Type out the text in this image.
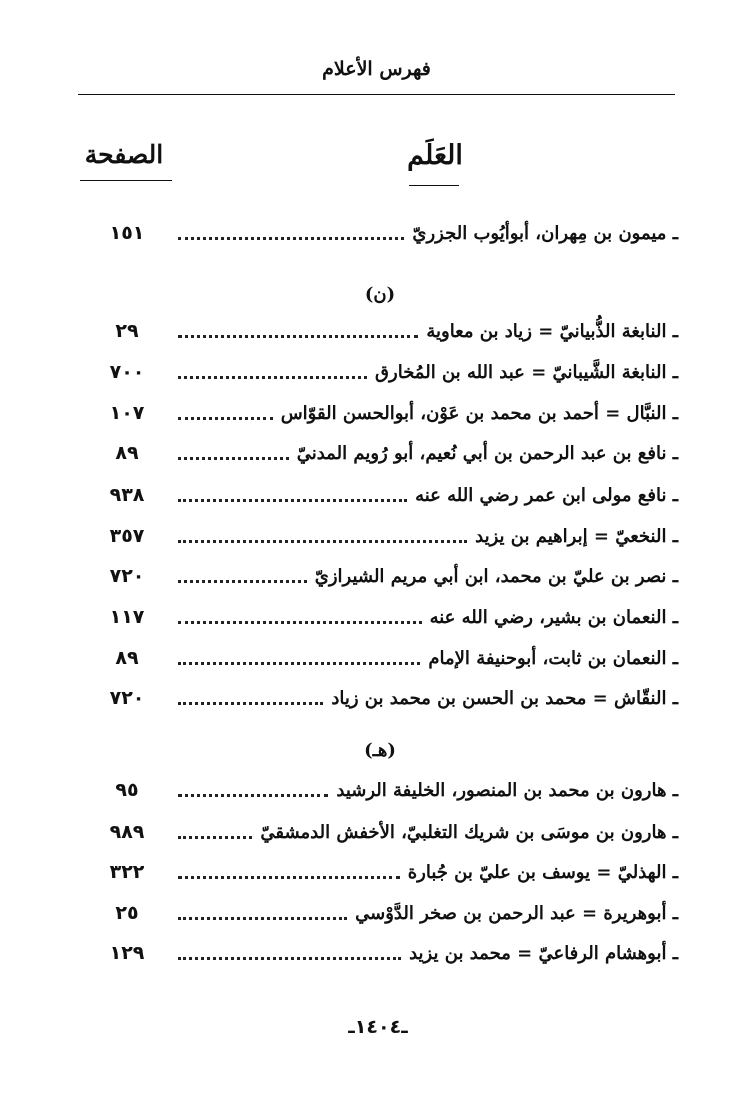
فهرس الأعلام
العَلَم
الصفحة
١٥١	ـ ميمون بن مِهران، أبوأيُوب الجزريّ
(ن)
٢٩	ـ النابغة الذُّبيانيّ = زياد بن معاوية
٧٠٠	ـ النابغة الشَّيبانيّ = عبد الله بن المُخارق
١٠٧	ـ النبَّال = أحمد بن محمد بن عَوْن، أبوالحسن القوّاس
٨٩	ـ نافع بن عبد الرحمن بن أبي نُعيم، أبو رُويم المدنيّ
٩٣٨	ـ نافع مولى ابن عمر رضي الله عنه
٣٥٧	ـ النخعيّ = إبراهيم بن يزيد
٧٢٠	ـ نصر بن عليّ بن محمد، ابن أبي مريم الشيرازيّ
١١٧	ـ النعمان بن بشير، رضي الله عنه
٨٩	ـ النعمان بن ثابت، أبوحنيفة الإمام
٧٢٠	ـ النقّاش = محمد بن الحسن بن محمد بن زياد
(هـ)
٩٥	ـ هارون بن محمد بن المنصور، الخليفة الرشيد
٩٨٩	ـ هارون بن موسَى بن شريك التغلبيّ، الأخفش الدمشقيّ
٣٢٢	ـ الهذليّ = يوسف بن عليّ بن جُبارة
٢٥	ـ أبوهريرة = عبد الرحمن بن صخر الدَّوْسي
١٢٩	ـ أبوهشام الرفاعيّ = محمد بن يزيد
ـ١٤٠٤ـ
